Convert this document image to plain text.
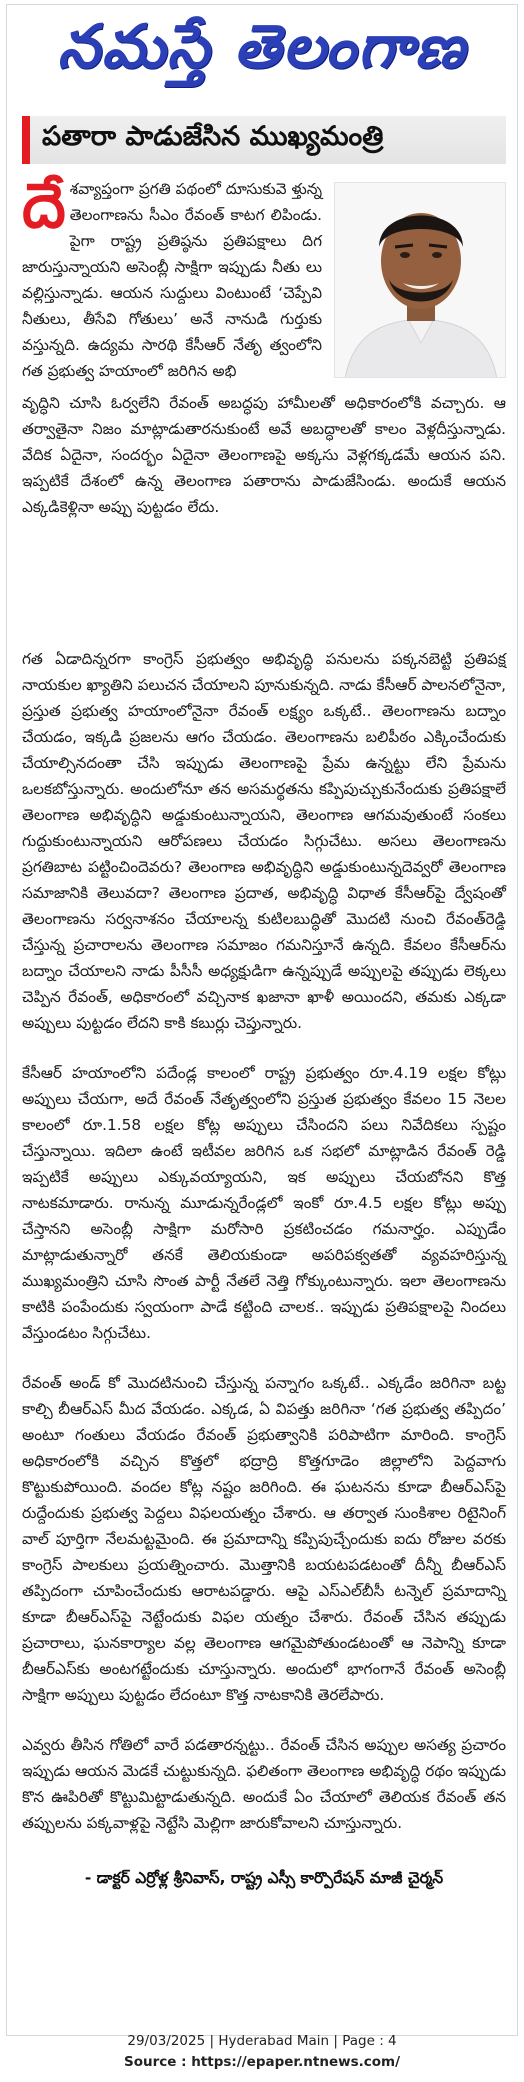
నమస్తే తెలంగాణ
పతారా పాడుజేసిన ముఖ్యమంత్రి

దేశవ్యాప్తంగా ప్రగతి పథంలో దూసుకువె ళ్తున్న తెలంగాణను సీఎం రేవంత్ కాటగ లిపిండు. పైగా రాష్ట్ర ప్రతిష్ఠను ప్రతిపక్షాలు దిగ జారుస్తున్నాయని అసెంబ్లీ సాక్షిగా ఇప్పుడు నీతు లు వల్లిస్తున్నాడు. ఆయన సుద్దులు వింటుంటే ‘చెప్పేవి నీతులు, తీసేవి గోతులు’ అనే నానుడి గుర్తుకు వస్తున్నది. ఉద్యమ సారథి కేసీఆర్ నేతృ త్వంలోని గత ప్రభుత్వ హయాంలో జరిగిన అభి

వృద్ధిని చూసి ఓర్వలేని రేవంత్ అబద్ధపు హామీలతో అధికారంలోకి వచ్చారు. ఆ తర్వాతైనా నిజం మాట్లాడుతారనుకుంటే అవే అబద్ధాలతో కాలం వెళ్లదీస్తున్నాడు. వేదిక ఏదైనా, సందర్భం ఏదైనా తెలంగాణపై అక్కసు వెళ్లగక్కడమే ఆయన పని. ఇప్పటికే దేశంలో ఉన్న తెలంగాణ పతారాను పాడుజేసిండు. అందుకే ఆయన ఎక్కడికెళ్లినా అప్పు పుట్టడం లేదు.

గత ఏడాదిన్నరగా కాంగ్రెస్ ప్రభుత్వం అభివృద్ధి పనులను పక్కనబెట్టి ప్రతిపక్ష నాయకుల ఖ్యాతిని పలుచన చేయాలని పూనుకున్నది. నాడు కేసీఆర్ పాలనలోనైనా, ప్రస్తుత ప్రభుత్వ హయాంలోనైనా రేవంత్ లక్ష్యం ఒక్కటే.. తెలంగాణను బద్నాం చేయడం, ఇక్కడి ప్రజలను ఆగం చేయడం. తెలంగాణను బలిపీఠం ఎక్కించేందుకు చేయాల్సినదంతా చేసి ఇప్పుడు తెలంగాణపై ప్రేమ ఉన్నట్టు లేని ప్రేమను ఒలకబోస్తున్నారు. అందులోనూ తన అసమర్థతను కప్పిపుచ్చుకునేందుకు ప్రతిపక్షాలే తెలంగాణ అభివృద్ధిని అడ్డుకుంటున్నాయని, తెలంగాణ ఆగమవుతుంటే సంకలు గుద్దుకుంటున్నాయని ఆరోపణలు చేయడం సిగ్గుచేటు. అసలు తెలంగాణను ప్రగతిబాట పట్టించిందెవరు? తెలంగాణ అభివృద్ధిని అడ్డుకుంటున్నదెవ్వరో తెలంగాణ సమాజానికి తెలువదా? తెలంగాణ ప్రదాత, అభివృద్ధి విధాత కేసీఆర్‌పై ద్వేషంతో తెలంగాణను సర్వనాశనం చేయాలన్న కుటిలబుద్ధితో మొదటి నుంచి రేవంత్‌రెడ్డి చేస్తున్న ప్రచారాలను తెలంగాణ సమాజం గమనిస్తూనే ఉన్నది. కేవలం కేసీఆర్‌ను బద్నాం చేయాలని నాడు పీసీసీ అధ్యక్షుడిగా ఉన్నప్పుడే అప్పులపై తప్పుడు లెక్కలు చెప్పిన రేవంత్, అధికారంలో వచ్చినాక ఖజానా ఖాళీ అయిందని, తమకు ఎక్కడా అప్పులు పుట్టడం లేదని కాకి కబుర్లు చెప్తున్నారు.

కేసీఆర్ హయాంలోని పదేండ్ల కాలంలో రాష్ట్ర ప్రభుత్వం రూ.4.19 లక్షల కోట్లు అప్పులు చేయగా, అదే రేవంత్ నేతృత్వంలోని ప్రస్తుత ప్రభుత్వం కేవలం 15 నెలల కాలంలో రూ.1.58 లక్షల కోట్ల అప్పులు చేసిందని పలు నివేదికలు స్పష్టం చేస్తున్నాయి. ఇదిలా ఉంటే ఇటీవల జరిగిన ఒక సభలో మాట్లాడిన రేవంత్ రెడ్డి ఇప్పటికే అప్పులు ఎక్కువయ్యాయని, ఇక అప్పులు చేయబోనని కొత్త నాటకమాడారు. రానున్న మూడున్నరేండ్లలో ఇంకో రూ.4.5 లక్షల కోట్లు అప్పు చేస్తానని అసెంబ్లీ సాక్షిగా మరోసారి ప్రకటించడం గమనార్హం. ఎప్పుడేం మాట్లాడుతున్నారో తనకే తెలియకుండా అపరిపక్వతతో వ్యవహరిస్తున్న ముఖ్యమంత్రిని చూసి సొంత పార్టీ నేతలే నెత్తి గోక్కుంటున్నారు. ఇలా తెలంగాణను కాటికి పంపేందుకు స్వయంగా పాడే కట్టింది చాలక.. ఇప్పుడు ప్రతిపక్షాలపై నిందలు వేస్తుండటం సిగ్గుచేటు.

రేవంత్ అండ్ కో మొదటినుంచి చేస్తున్న పన్నాగం ఒక్కటే.. ఎక్కడేం జరిగినా బట్ట కాల్చి బీఆర్ఎస్ మీద వేయడం. ఎక్కడ, ఏ విపత్తు జరిగినా ‘గత ప్రభుత్వ తప్పిదం’ అంటూ గంతులు వేయడం రేవంత్ ప్రభుత్వానికి పరిపాటిగా మారింది. కాంగ్రెస్ అధికారంలోకి వచ్చిన కొత్తలో భద్రాద్రి కొత్తగూడెం జిల్లాలోని పెద్దవాగు కొట్టుకుపోయింది. వందల కోట్ల నష్టం జరిగింది. ఈ ఘటనను కూడా బీఆర్ఎస్‌పై రుద్దేందుకు ప్రభుత్వ పెద్దలు విఫలయత్నం చేశారు. ఆ తర్వాత సుంకిశాల రిటైనింగ్ వాల్ పూర్తిగా నేలమట్టమైంది. ఈ ప్రమాదాన్ని కప్పిపుచ్చేందుకు ఐదు రోజుల వరకు కాంగ్రెస్ పాలకులు ప్రయత్నించారు. మొత్తానికి బయటపడటంతో దీన్నీ బీఆర్ఎస్ తప్పిదంగా చూపించేందుకు ఆరాటపడ్డారు. ఆపై ఎస్ఎల్‌బీసీ టన్నెల్ ప్రమాదాన్ని కూడా బీఆర్‌ఎస్‌పై నెట్టేందుకు విఫల యత్నం చేశారు. రేవంత్ చేసిన తప్పుడు ప్రచారాలు, ఘనకార్యాల వల్ల తెలంగాణ ఆగమైపోతుండటంతో ఆ నెపాన్ని కూడా బీఆర్‌ఎస్‌కు అంటగట్టేందుకు చూస్తున్నారు. అందులో భాగంగానే రేవంత్ అసెంబ్లీ సాక్షిగా అప్పులు పుట్టడం లేదంటూ కొత్త నాటకానికి తెరలేపారు.

ఎవ్వరు తీసిన గోతిలో వారే పడతారన్నట్టు.. రేవంత్ చేసిన అప్పుల అసత్య ప్రచారం ఇప్పుడు ఆయన మెడకే చుట్టుకున్నది. ఫలితంగా తెలంగాణ అభివృద్ధి రథం ఇప్పుడు కొన ఊపిరితో కొట్టుమిట్టాడుతున్నది. అందుకే ఏం చేయాలో తెలియక రేవంత్ తన తప్పులను పక్కవాళ్లపై నెట్టేసి మెల్లిగా జారుకోవాలని చూస్తున్నారు.

- డాక్టర్ ఎర్రోళ్ల శ్రీనివాస్, రాష్ట్ర ఎస్సీ కార్పొరేషన్ మాజీ చైర్మన్
29/03/2025 | Hyderabad Main | Page : 4
Source : https://epaper.ntnews.com/
